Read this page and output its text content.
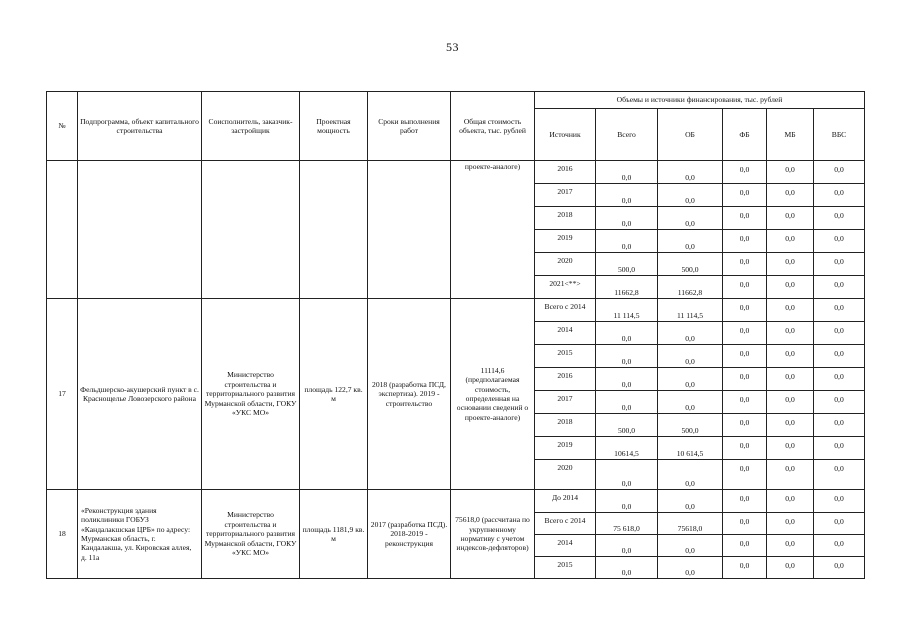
53
№	Подпрограмма, объект капитального строительства	Соисполнитель, заказчик-застройщик	Проектная мощность	Сроки выполнения работ	Общая стоимость объекта, тыс. рублей	Объемы и источники финансирования, тыс. рублей					
						Источник	Всего	ОБ	ФБ	МБ	ВБС
					проекте-аналоге)	2016	0,0	0,0	0,0	0,0	0,0
						2017	0,0	0,0	0,0	0,0	0,0
						2018	0,0	0,0	0,0	0,0	0,0
						2019	0,0	0,0	0,0	0,0	0,0
						2020	500,0	500,0	0,0	0,0	0,0
						2021<**>	11662,8	11662,8	0,0	0,0	0,0
17	Фельдшерско-акушерский пункт в с. Краснощелье Ловозерского района	Министерство строительства и территориального развития Мурманской области, ГОКУ «УКС МО»	площадь 122,7 кв. м	2018 (разработка ПСД, экспертиза). 2019 - строительство	11114,6 (предполагаемая стоимость, определенная на основании сведений о проекте-аналоге)	Всего с 2014	11 114,5	11 114,5	0,0	0,0	0,0
						2014	0,0	0,0	0,0	0,0	0,0
						2015	0,0	0,0	0,0	0,0	0,0
						2016	0,0	0,0	0,0	0,0	0,0
						2017	0,0	0,0	0,0	0,0	0,0
						2018	500,0	500,0	0,0	0,0	0,0
						2019	10614,5	10 614,5	0,0	0,0	0,0
						2020	0,0	0,0	0,0	0,0	0,0
18	«Реконструкция здания поликлиники ГОБУЗ «Кандалакшская ЦРБ» по адресу: Мурманская область, г. Кандалакша, ул. Кировская аллея, д. 11а	Министерство строительства и территориального развития Мурманской области, ГОКУ «УКС МО»	площадь 1181,9 кв. м	2017 (разработка ПСД). 2018-2019 - реконструкция	75618,0 (рассчитана по укрупненному нормативу с учетом индексов-дефляторов)	До 2014	0,0	0,0	0,0	0,0	0,0
						Всего с 2014	75 618,0	75618,0	0,0	0,0	0,0
						2014	0,0	0,0	0,0	0,0	0,0
						2015	0,0	0,0	0,0	0,0	0,0
